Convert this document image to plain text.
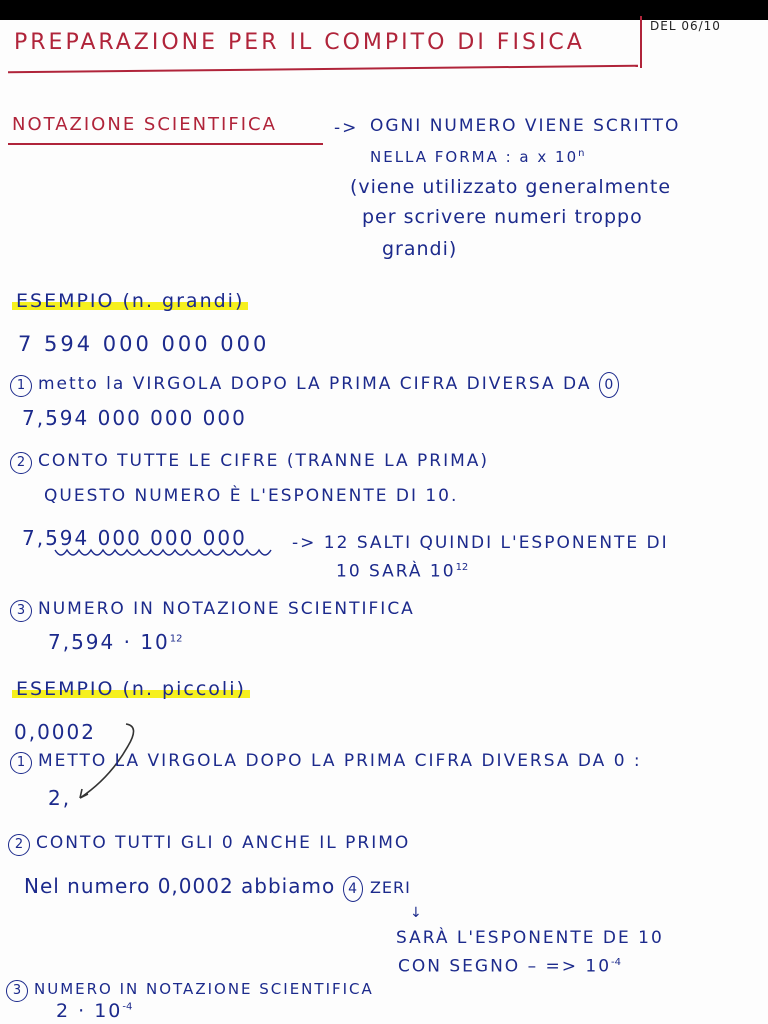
PREPARAZIONE PER IL COMPITO DI FISICA
DEL 06/10
NOTAZIONE SCIENTIFICA	-> OGNI NUMERO VIENE SCRITTO
NELLA FORMA : a x 10$^n$
(viene utilizzato generalmente
per scrivere numeri troppo
grandi)
ESEMPIO (n. grandi)
7 594 000 000 000
1 metto la VIRGOLA DOPO LA PRIMA CIFRA DIVERSA DA 0
7,594 000 000 000
2 CONTO TUTTE LE CIFRE (TRANNE LA PRIMA)
QUESTO NUMERO È L'ESPONENTE DI 10.
7,594 000 000 000	-> 12 SALTI QUINDI L'ESPONENTE DI
10 SARÀ $10^{12}$
3 NUMERO IN NOTAZIONE SCIENTIFICA
$7,594 \cdot 10^{12}$
ESEMPIO (n. piccoli)
0,0002
1 METTO LA VIRGOLA DOPO LA PRIMA CIFRA DIVERSA DA 0 :
2,
2 CONTO TUTTI GLI 0 ANCHE IL PRIMO
Nel numero 0,0002 abbiamo 4 ZERI
↓
SARÀ L'ESPONENTE DE 10
CON SEGNO – => $10^{-4}$
3 NUMERO IN NOTAZIONE SCIENTIFICA
$2 \cdot 10^{-4}$
